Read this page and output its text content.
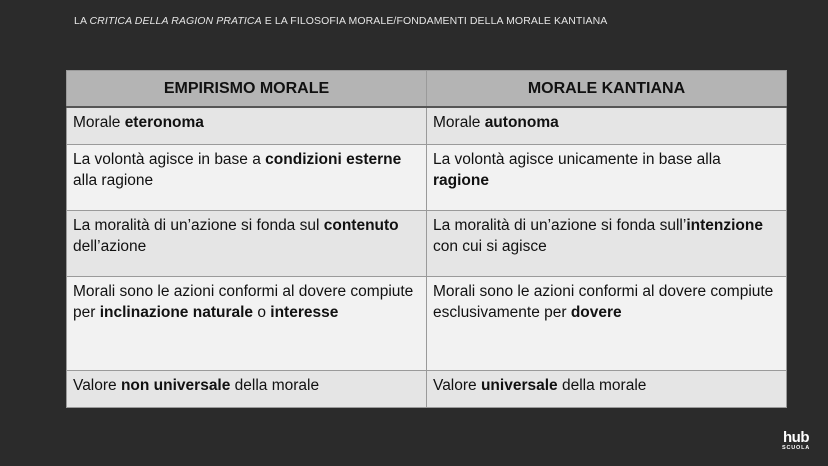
LA CRITICA DELLA RAGION PRATICA E LA FILOSOFIA MORALE/FONDAMENTI DELLA MORALE KANTIANA
EMPIRISMO MORALE	MORALE KANTIANA
Morale eteronoma	Morale autonoma
La volontà agisce in base a condizioni esterne alla ragione	La volontà agisce unicamente in base alla ragione
La moralità di un’azione si fonda sul contenuto dell’azione	La moralità di un’azione si fonda sull’intenzione con cui si agisce
Morali sono le azioni conformi al dovere compiute per inclinazione naturale o interesse	Morali sono le azioni conformi al dovere compiute esclusivamente per dovere
Valore non universale della morale	Valore universale della morale
hub
SCUOLA
